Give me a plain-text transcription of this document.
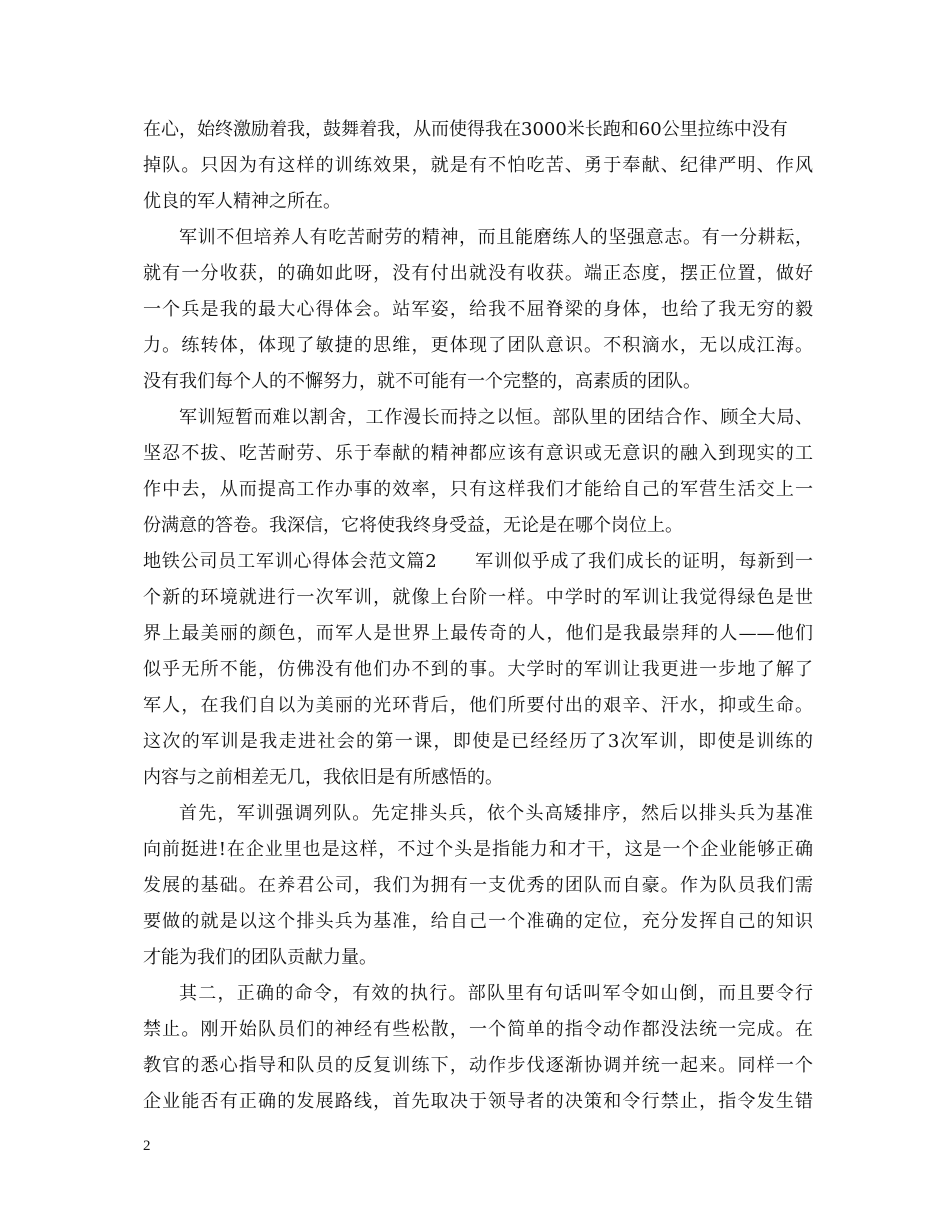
在心，始终激励着我，鼓舞着我，从而使得我在3000米长跑和60公里拉练中没有
掉队。只因为有这样的训练效果，就是有不怕吃苦、勇于奉献、纪律严明、作风
优良的军人精神之所在。
军训不但培养人有吃苦耐劳的精神，而且能磨练人的坚强意志。有一分耕耘，
就有一分收获，的确如此呀，没有付出就没有收获。端正态度，摆正位置，做好
一个兵是我的最大心得体会。站军姿，给我不屈脊梁的身体，也给了我无穷的毅
力。练转体，体现了敏捷的思维，更体现了团队意识。不积滴水，无以成江海。
没有我们每个人的不懈努力，就不可能有一个完整的，高素质的团队。
军训短暂而难以割舍，工作漫长而持之以恒。部队里的团结合作、顾全大局、
坚忍不拔、吃苦耐劳、乐于奉献的精神都应该有意识或无意识的融入到现实的工
作中去，从而提高工作办事的效率，只有这样我们才能给自己的军营生活交上一
份满意的答卷。我深信，它将使我终身受益，无论是在哪个岗位上。
地铁公司员工军训心得体会范文篇2　　军训似乎成了我们成长的证明，每新到一
个新的环境就进行一次军训，就像上台阶一样。中学时的军训让我觉得绿色是世
界上最美丽的颜色，而军人是世界上最传奇的人，他们是我最崇拜的人——他们
似乎无所不能，仿佛没有他们办不到的事。大学时的军训让我更进一步地了解了
军人，在我们自以为美丽的光环背后，他们所要付出的艰辛、汗水，抑或生命。
这次的军训是我走进社会的第一课，即使是已经经历了3次军训，即使是训练的
内容与之前相差无几，我依旧是有所感悟的。
首先，军训强调列队。先定排头兵，依个头高矮排序，然后以排头兵为基准
向前挺进!在企业里也是这样，不过个头是指能力和才干，这是一个企业能够正确
发展的基础。在养君公司，我们为拥有一支优秀的团队而自豪。作为队员我们需
要做的就是以这个排头兵为基准，给自己一个准确的定位，充分发挥自己的知识
才能为我们的团队贡献力量。
其二，正确的命令，有效的执行。部队里有句话叫军令如山倒，而且要令行
禁止。刚开始队员们的神经有些松散，一个简单的指令动作都没法统一完成。在
教官的悉心指导和队员的反复训练下，动作步伐逐渐协调并统一起来。同样一个
企业能否有正确的发展路线，首先取决于领导者的决策和令行禁止，指令发生错
2
